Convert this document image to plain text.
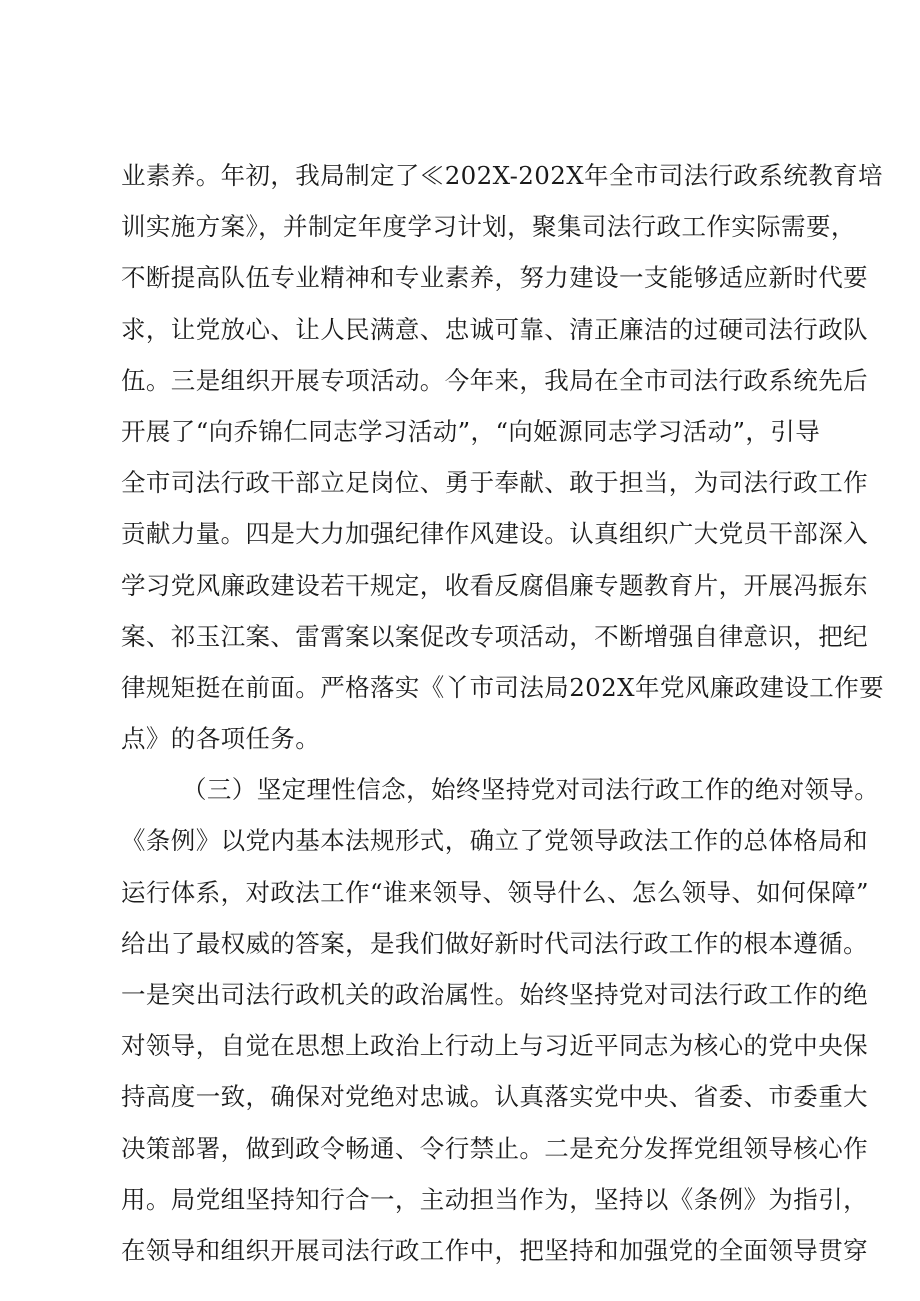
业素养。年初，我局制定了≪202X-202X年全市司法行政系统教育培
训实施方案》，并制定年度学习计划，聚集司法行政工作实际需要，
不断提高队伍专业精神和专业素养，努力建设一支能够适应新时代要
求，让党放心、让人民满意、忠诚可靠、清正廉洁的过硬司法行政队
伍。三是组织开展专项活动。今年来，我局在全市司法行政系统先后
开展了“向乔锦仁同志学习活动”，“向姬源同志学习活动”，引导
全市司法行政干部立足岗位、勇于奉献、敢于担当，为司法行政工作
贡献力量。四是大力加强纪律作风建设。认真组织广大党员干部深入
学习党风廉政建设若干规定，收看反腐倡廉专题教育片，开展冯振东
案、祁玉江案、雷霄案以案促改专项活动，不断增强自律意识，把纪
律规矩挺在前面。严格落实《丫市司法局202X年党风廉政建设工作要
点》的各项任务。
（三）坚定理性信念，始终坚持党对司法行政工作的绝对领导。
《条例》以党内基本法规形式，确立了党领导政法工作的总体格局和
运行体系，对政法工作“谁来领导、领导什么、怎么领导、如何保障”
给出了最权威的答案，是我们做好新时代司法行政工作的根本遵循。
一是突出司法行政机关的政治属性。始终坚持党对司法行政工作的绝
对领导，自觉在思想上政治上行动上与习近平同志为核心的党中央保
持高度一致，确保对党绝对忠诚。认真落实党中央、省委、市委重大
决策部署，做到政令畅通、令行禁止。二是充分发挥党组领导核心作
用。局党组坚持知行合一，主动担当作为，坚持以《条例》为指引，
在领导和组织开展司法行政工作中，把坚持和加强党的全面领导贯穿
